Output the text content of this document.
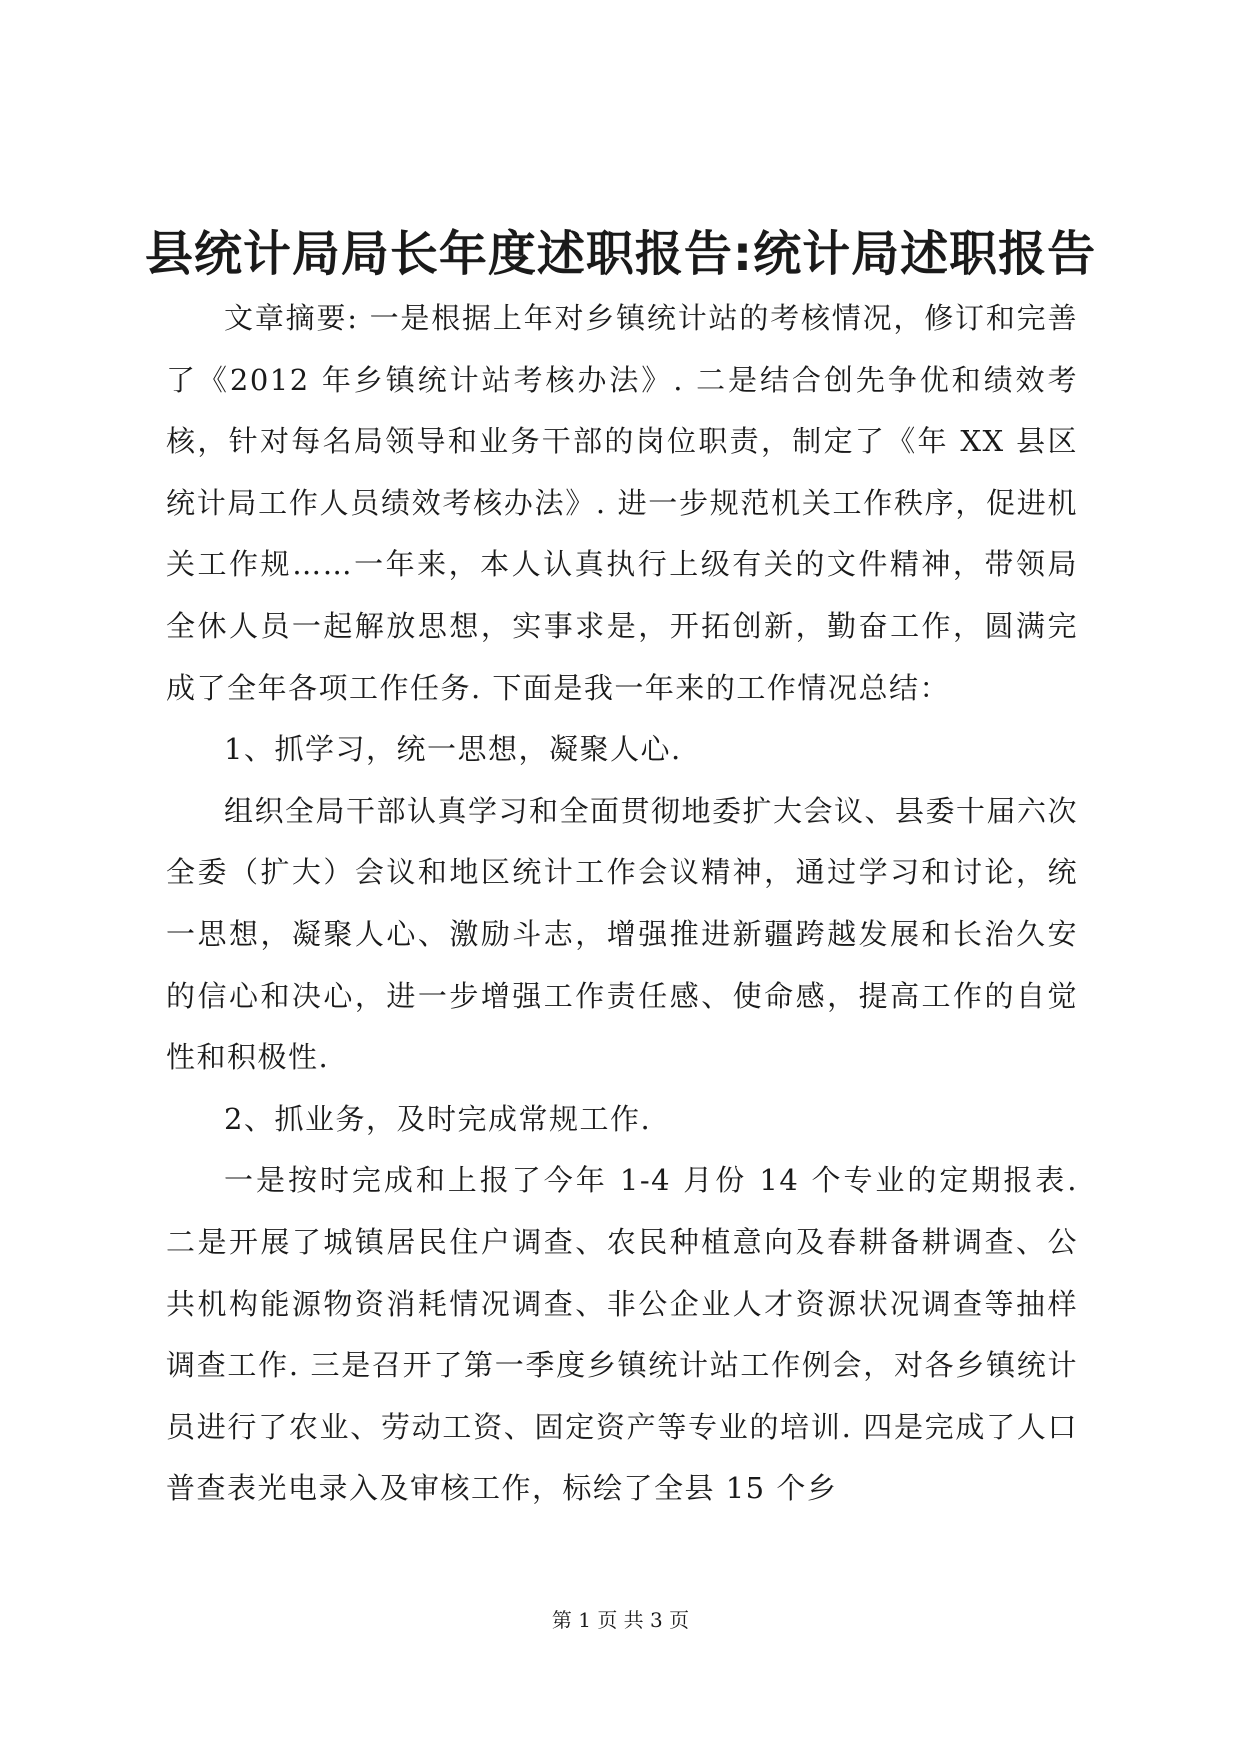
县统计局局长年度述职报告:统计局述职报告

文章摘要: 一是根据上年对乡镇统计站的考核情况，修订和完善了《2012 年乡镇统计站考核办法》. 二是结合创先争优和绩效考核，针对每名局领导和业务干部的岗位职责，制定了《年 XX 县区统计局工作人员绩效考核办法》. 进一步规范机关工作秩序，促进机关工作规……一年来，本人认真执行上级有关的文件精神，带领局全休人员一起解放思想，实事求是，开拓创新，勤奋工作，圆满完成了全年各项工作任务. 下面是我一年来的工作情况总结：

1、抓学习，统一思想，凝聚人心.

组织全局干部认真学习和全面贯彻地委扩大会议、县委十届六次全委（扩大）会议和地区统计工作会议精神，通过学习和讨论，统一思想，凝聚人心、激励斗志，增强推进新疆跨越发展和长治久安的信心和决心，进一步增强工作责任感、使命感，提高工作的自觉性和积极性.

2、抓业务，及时完成常规工作.

一是按时完成和上报了今年 1-4 月份 14 个专业的定期报表. 二是开展了城镇居民住户调查、农民种植意向及春耕备耕调查、公共机构能源物资消耗情况调查、非公企业人才资源状况调查等抽样调查工作. 三是召开了第一季度乡镇统计站工作例会，对各乡镇统计员进行了农业、劳动工资、固定资产等专业的培训. 四是完成了人口普查表光电录入及审核工作，标绘了全县 15 个乡

第 1 页 共 3 页
